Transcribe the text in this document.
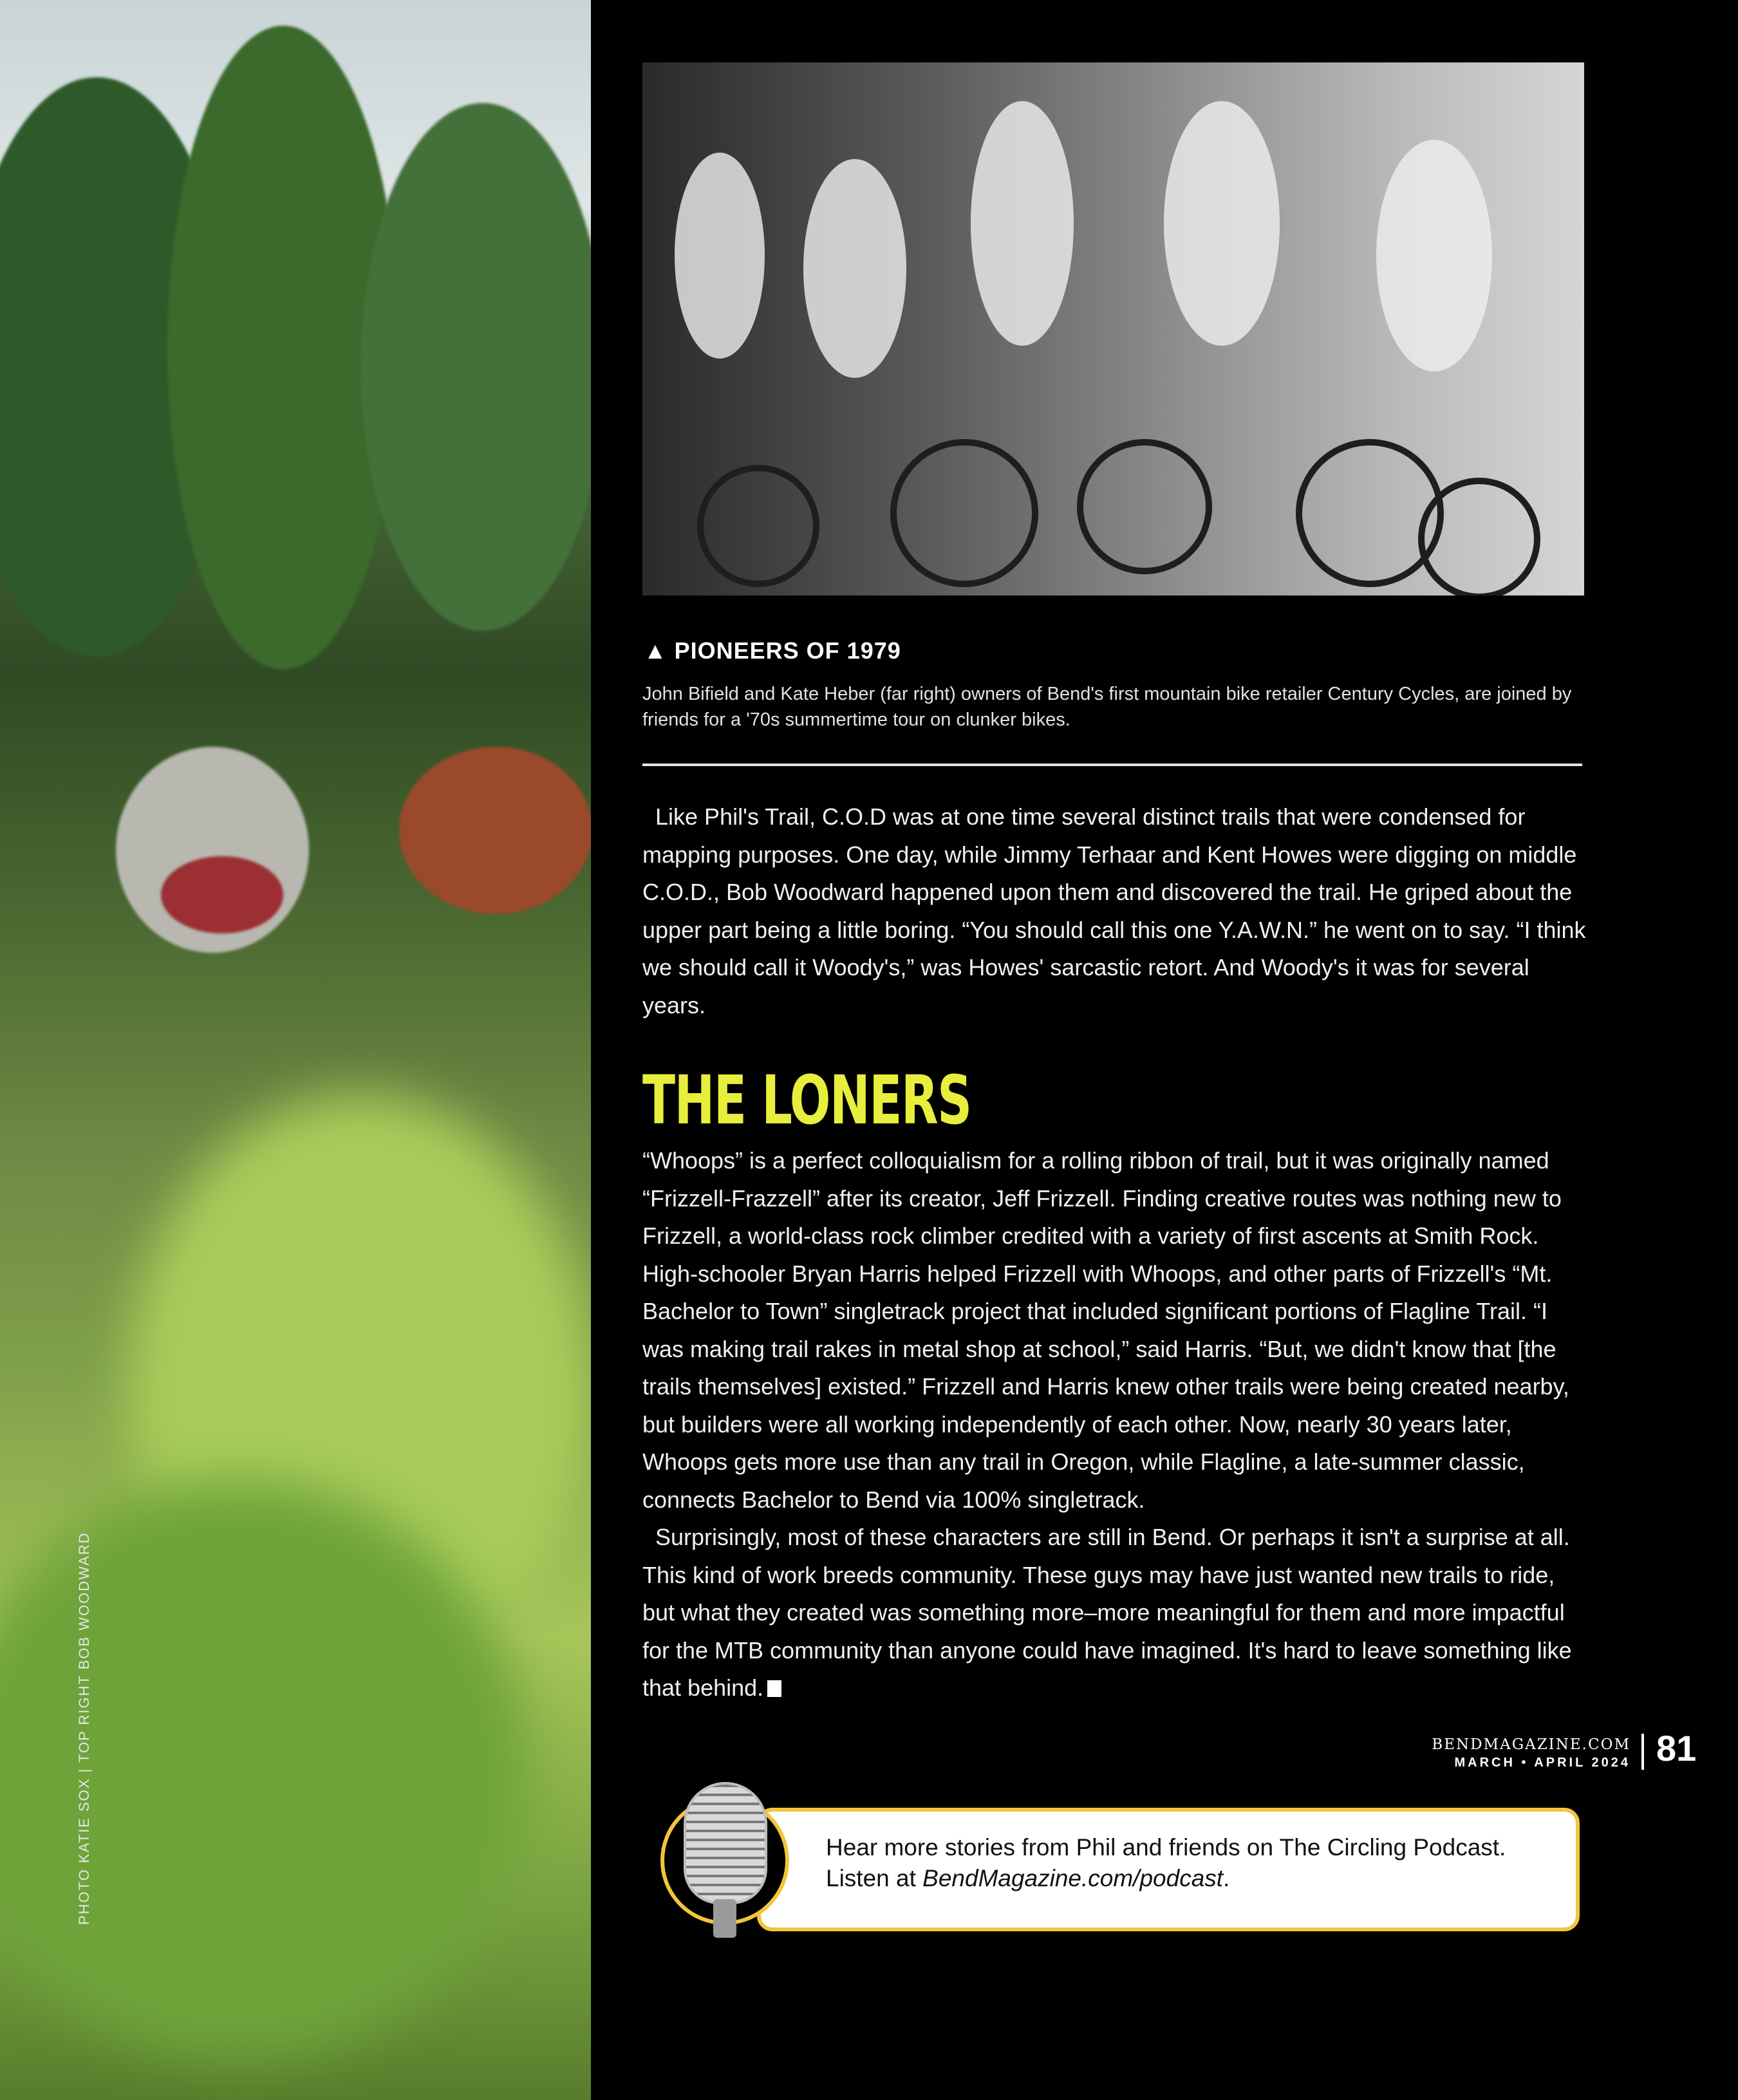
PHOTO KATIE SOX | TOP RIGHT BOB WOODWARD
▲ PIONEERS OF 1979
John Bifield and Kate Heber (far right) owners of Bend's first mountain bike retailer Century Cycles, are joined by friends for a '70s summertime tour on clunker bikes.

Like Phil's Trail, C.O.D was at one time several distinct trails that were condensed for mapping purposes. One day, while Jimmy Terhaar and Kent Howes were digging on middle C.O.D., Bob Woodward happened upon them and discovered the trail. He griped about the upper part being a little boring. “You should call this one Y.A.W.N.” he went on to say. “I think we should call it Woody's,” was Howes' sarcastic retort. And Woody's it was for several years.

THE LONERS

“Whoops” is a perfect colloquialism for a rolling ribbon of trail, but it was originally named “Frizzell-Frazzell” after its creator, Jeff Frizzell. Finding creative routes was nothing new to Frizzell, a world-class rock climber credited with a variety of first ascents at Smith Rock. High-schooler Bryan Harris helped Frizzell with Whoops, and other parts of Frizzell's “Mt. Bachelor to Town” singletrack project that included significant portions of Flagline Trail. “I was making trail rakes in metal shop at school,” said Harris. “But, we didn't know that [the trails themselves] existed.” Frizzell and Harris knew other trails were being created nearby, but builders were all working independently of each other. Now, nearly 30 years later, Whoops gets more use than any trail in Oregon, while Flagline, a late-summer classic, connects Bachelor to Bend via 100% singletrack.

Surprisingly, most of these characters are still in Bend. Or perhaps it isn't a surprise at all. This kind of work breeds community. These guys may have just wanted new trails to ride, but what they created was something more–more meaningful for them and more impactful for the MTB community than anyone could have imagined. It's hard to leave something like that behind.

Hear more stories from Phil and friends on The Circling Podcast. Listen at BendMagazine.com/podcast.
BENDMAGAZINE.COM
MARCH • APRIL 2024 81
